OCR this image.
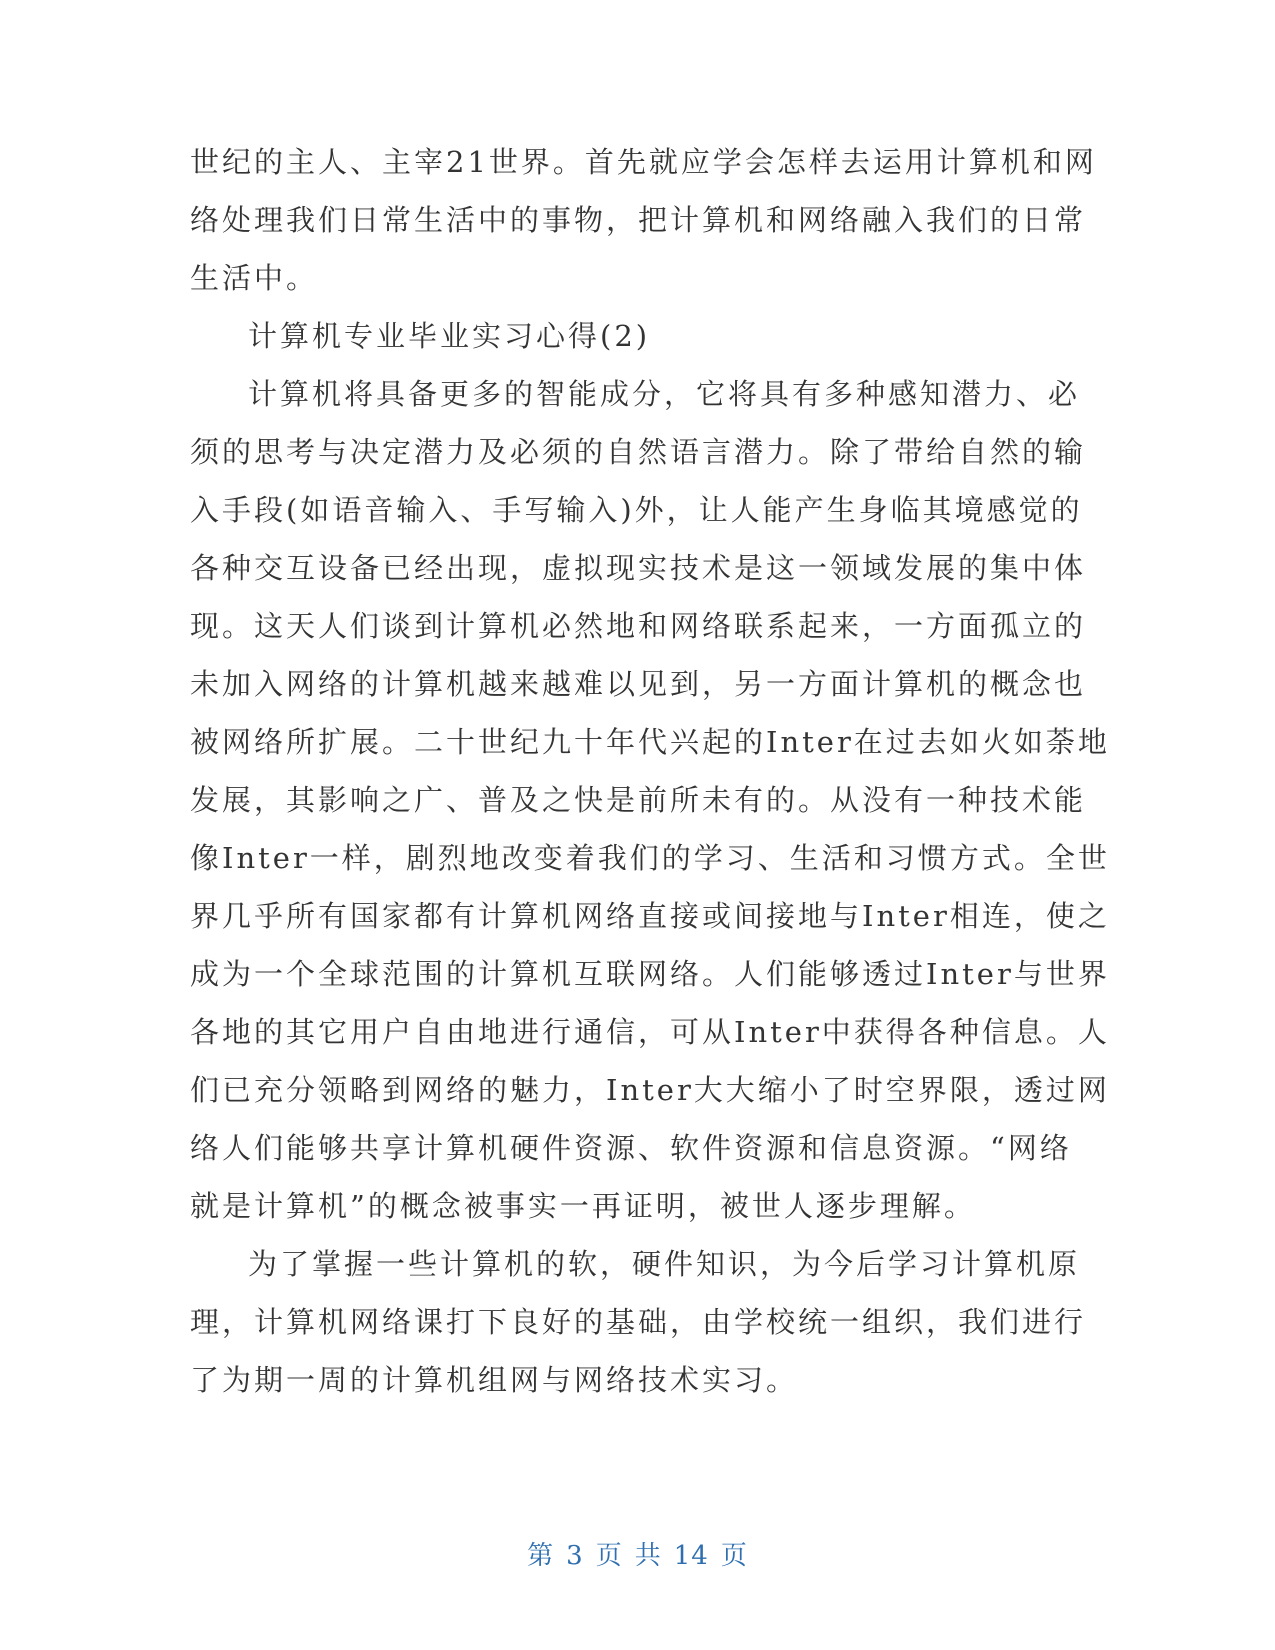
世纪的主人、主宰21世界。首先就应学会怎样去运用计算机和网
络处理我们日常生活中的事物，把计算机和网络融入我们的日常
生活中。
计算机专业毕业实习心得(2)
计算机将具备更多的智能成分，它将具有多种感知潜力、必
须的思考与决定潜力及必须的自然语言潜力。除了带给自然的输
入手段(如语音输入、手写输入)外，让人能产生身临其境感觉的
各种交互设备已经出现，虚拟现实技术是这一领域发展的集中体
现。这天人们谈到计算机必然地和网络联系起来，一方面孤立的
未加入网络的计算机越来越难以见到，另一方面计算机的概念也
被网络所扩展。二十世纪九十年代兴起的Inter在过去如火如荼地
发展，其影响之广、普及之快是前所未有的。从没有一种技术能
像Inter一样，剧烈地改变着我们的学习、生活和习惯方式。全世
界几乎所有国家都有计算机网络直接或间接地与Inter相连，使之
成为一个全球范围的计算机互联网络。人们能够透过Inter与世界
各地的其它用户自由地进行通信，可从Inter中获得各种信息。人
们已充分领略到网络的魅力，Inter大大缩小了时空界限，透过网
络人们能够共享计算机硬件资源、软件资源和信息资源。“网络
就是计算机”的概念被事实一再证明，被世人逐步理解。
为了掌握一些计算机的软，硬件知识，为今后学习计算机原
理，计算机网络课打下良好的基础，由学校统一组织，我们进行
了为期一周的计算机组网与网络技术实习。
第 3 页 共 14 页
